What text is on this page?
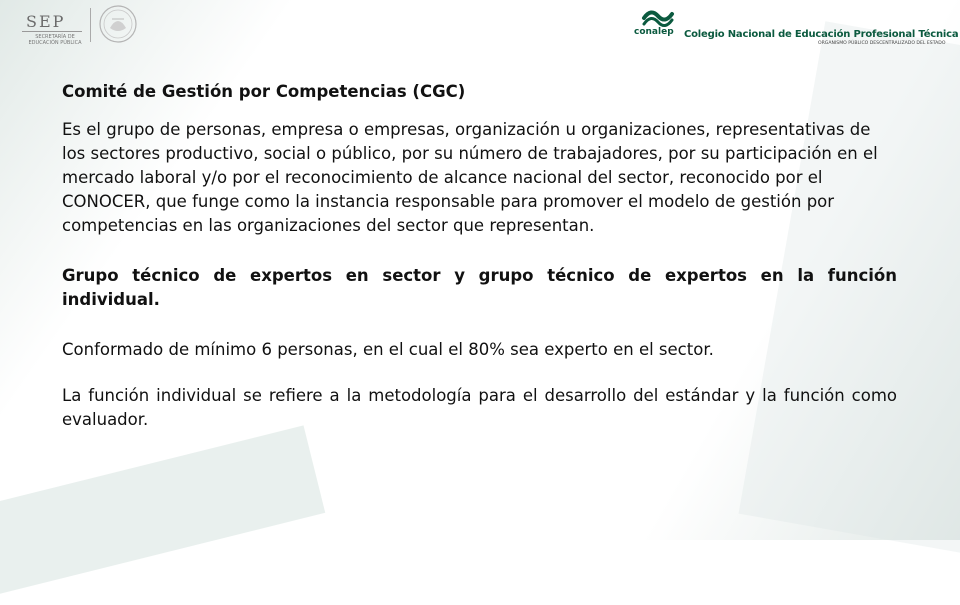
SEP
SECRETARÍA DE EDUCACIÓN PÚBLICA
conalep Colegio Nacional de Educación Profesional Técnica
ORGANISMO PÚBLICO DESCENTRALIZADO DEL ESTADO

Comité de Gestión por Competencias (CGC)

Es el grupo de personas, empresa o empresas, organización u organizaciones, representativas de los sectores productivo, social o público, por su número de trabajadores, por su participación en el mercado laboral y/o por el reconocimiento de alcance nacional del sector, reconocido por el CONOCER, que funge como la instancia responsable para promover el modelo de gestión por competencias en las organizaciones del sector que representan.

Grupo técnico de expertos en sector y grupo técnico de expertos en la función individual.

Conformado de mínimo 6 personas, en el cual el 80% sea experto en el sector.

La función individual se refiere a la metodología para el desarrollo del estándar y la función como evaluador.
